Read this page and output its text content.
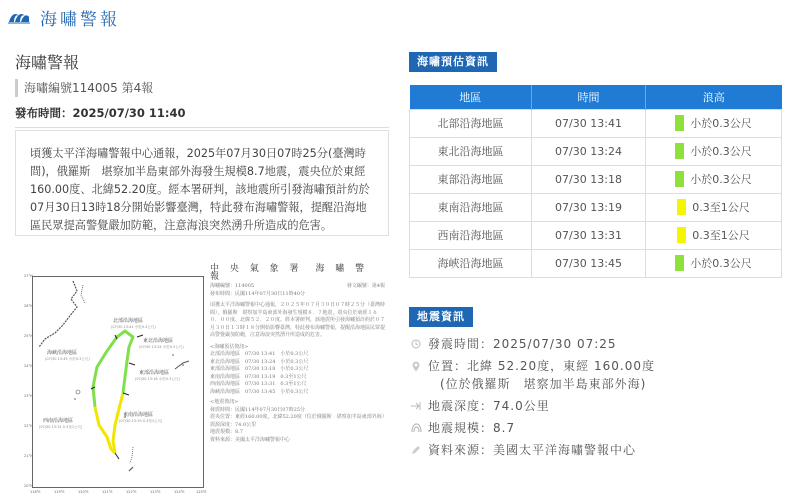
海嘯警報
海嘯警報
海嘯編號114005 第4報
發布時間：2025/07/30 11:40
頃獲太平洋海嘯警報中心通報，2025年07月30日07時25分(臺灣時間)，俄羅斯　堪察加半島東部外海發生規模8.7地震，震央位於東經160.00度、北緯52.20度。經本署研判，該地震所引發海嘯預計約於07月30日13時18分開始影響臺灣，特此發布海嘯警報，提醒沿海地區民眾提高警覺嚴加防範，注意海浪突然湧升所造成的危害。
北部沿海地區
(07/30 13:41 小於0.3公尺)
東北沿海地區
(07/30 13:24 小於0.3公尺)
海峽沿海地區
(07/30 13:45 小於0.3公尺)
東部沿海地區
(07/30 13:18 小於0.3公尺)
西南沿海地區
(07/30 13:31 0.3至1公尺)
東南沿海地區
(07/30 13:19 0.3至1公尺)
27°N
26°N
25°N
24°N
23°N
22°N
21°N
20°N
118°E	119°E	120°E	121°E	122°E	123°E	124°E	125°E
中 央 氣 象 署　海 嘯 警 報
海嘯編號：114005	發文編號：第4報
發布時間：民國114年07月30日11時40分
頃獲太平洋海嘯警報中心通報，２０２５年０７月３０日０７時２５分（臺灣時間），俄羅斯　堪察加半島東部外海發生規模８．７地震，震央位於東經１６０．００度、北緯５２．２０度。經本署研判，該地震所引發海嘯預計約於０７月３０日１３時１８分開始影響臺灣，特此發布海嘯警報，提醒沿海地區民眾提高警覺嚴加防範，注意海浪突然湧升所造成的危害。
<海嘯預估資訊>
北部沿海地區　07/30 13:41　小於0.3公尺
東北沿海地區　07/30 13:24　小於0.3公尺
東部沿海地區　07/30 13:18　小於0.3公尺
東南沿海地區　07/30 13:19　0.3至1公尺
西南沿海地區　07/30 13:31　0.3至1公尺
海峽沿海地區　07/30 13:45　小於0.3公尺
<地震資訊>
發震時間：民國114年07月30日07時25分
震央位置：東經160.00度，北緯52.20度（位於俄羅斯　堪察加半島東部外海）
震源深度：74.0公里
地震規模：8.7
資料來源：美國太平洋海嘯警報中心
海嘯預估資訊
地區	時間	浪高
北部沿海地區	07/30 13:41	小於0.3公尺

東北沿海地區	07/30 13:24	小於0.3公尺

東部沿海地區	07/30 13:18	小於0.3公尺

東南沿海地區	07/30 13:19	0.3至1公尺

西南沿海地區	07/30 13:31	0.3至1公尺

海峽沿海地區	07/30 13:45	小於0.3公尺
地震資訊
發震時間：2025/07/30 07:25
位置：北緯 52.20度，東經 160.00度
(位於俄羅斯　堪察加半島東部外海)
地震深度：74.0公里
地震規模：8.7
資料來源：美國太平洋海嘯警報中心
